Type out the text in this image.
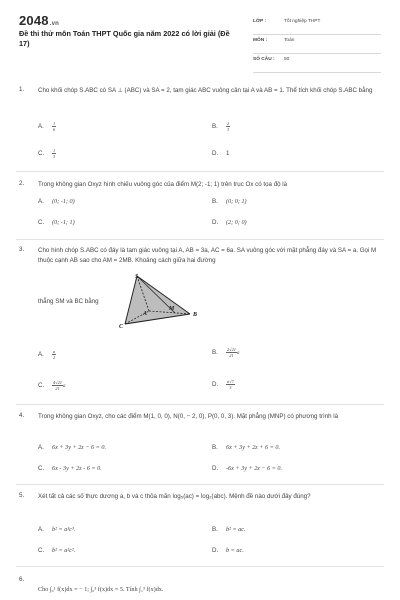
2048.vn
Đề thi thử môn Toán THPT Quốc gia năm 2022 có lời giải (Đề 17)
LỚP :	Tốt nghiệp THPT
MÔN :	Toán
SỐ CÂU : 50
1. Cho khối chóp S.ABC có SA ⊥ (ABC) và SA = 2, tam giác ABC vuông cân tại A và AB = 1. Thể tích khối chóp S.ABC bằng
A. $\frac{1}{6}$	B. $\frac{2}{3}$
C. $\frac{1}{3}$	D. 1
2. Trong không gian Oxyz hình chiếu vuông góc của điểm M(2; -1; 1) trên trục Ox có tọa độ là
A. (0; -1; 0)	B. (0; 0; 1)
C. (0; -1; 1)	D. (2; 0; 0)
3. Cho hình chóp S.ABC có đáy là tam giác vuông tại A, AB = 3a, AC = 6a. SA vuông góc với mặt phẳng đáy và SA = a. Gọi M thuộc cạnh AB sao cho AM = 2MB. Khoảng cách giữa hai đường
thẳng SM và BC bằng
S
C
B
A
M
A. $\frac{a}{2}$	B. $\frac{2√21}{21}$ a
C. $\frac{4√21}{21}$ a	D. $\frac{a√7}{3}$
4. Trong không gian Oxyz, cho các điểm M(1, 0, 0), N(0, − 2, 0), P(0, 0, 3). Mặt phẳng (MNP) có phương trình là
A. 6x + 3y + 2z − 6 = 0.	B. 6x + 3y + 2z + 6 = 0.
C. 6x - 3y + 2z - 6 = 0.	D. -6x + 3y + 2z − 6 = 0.
5. Xét tất cả các số thực dương a, b và c thỏa mãn log₅(ac) = log₂(abc). Mệnh đề nào dưới đây đúng?
A. b² = a³c³.	B. b² = ac.
C. b² = a²c².	D. b = ac.
6.
Cho ∫₀¹ f(x)dx = − 1; ∫₀³ f(x)dx = 5. Tính ∫₁³ f(x)dx.
